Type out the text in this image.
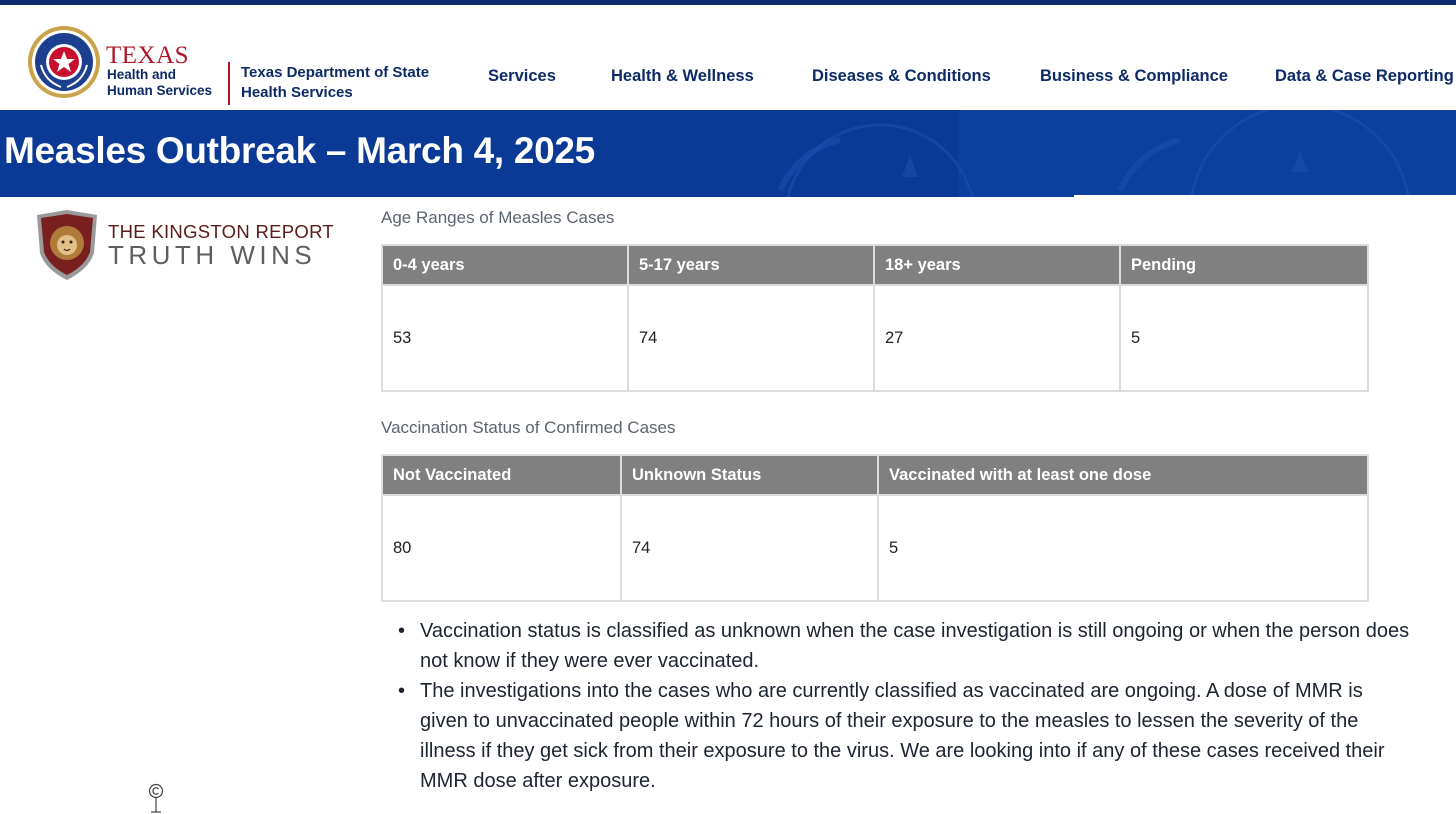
TEXAS
Health and Human Services
Texas Department of State Health Services
Services	Health & Wellness	Diseases & Conditions	Business & Compliance	Data & Case Reporting
Measles Outbreak – March 4, 2025
THE KINGSTON REPORT
TRUTH WINS
Age Ranges of Measles Cases
0-4 years	5-17 years	18+ years	Pending
53	74	27	5
Vaccination Status of Confirmed Cases
Not Vaccinated	Unknown Status	Vaccinated with at least one dose
80	74	5
• Vaccination status is classified as unknown when the case investigation is still ongoing or when the person does not know if they were ever vaccinated.
• The investigations into the cases who are currently classified as vaccinated are ongoing. A dose of MMR is given to unvaccinated people within 72 hours of their exposure to the measles to lessen the severity of the illness if they get sick from their exposure to the virus. We are looking into if any of these cases received their MMR dose after exposure.
